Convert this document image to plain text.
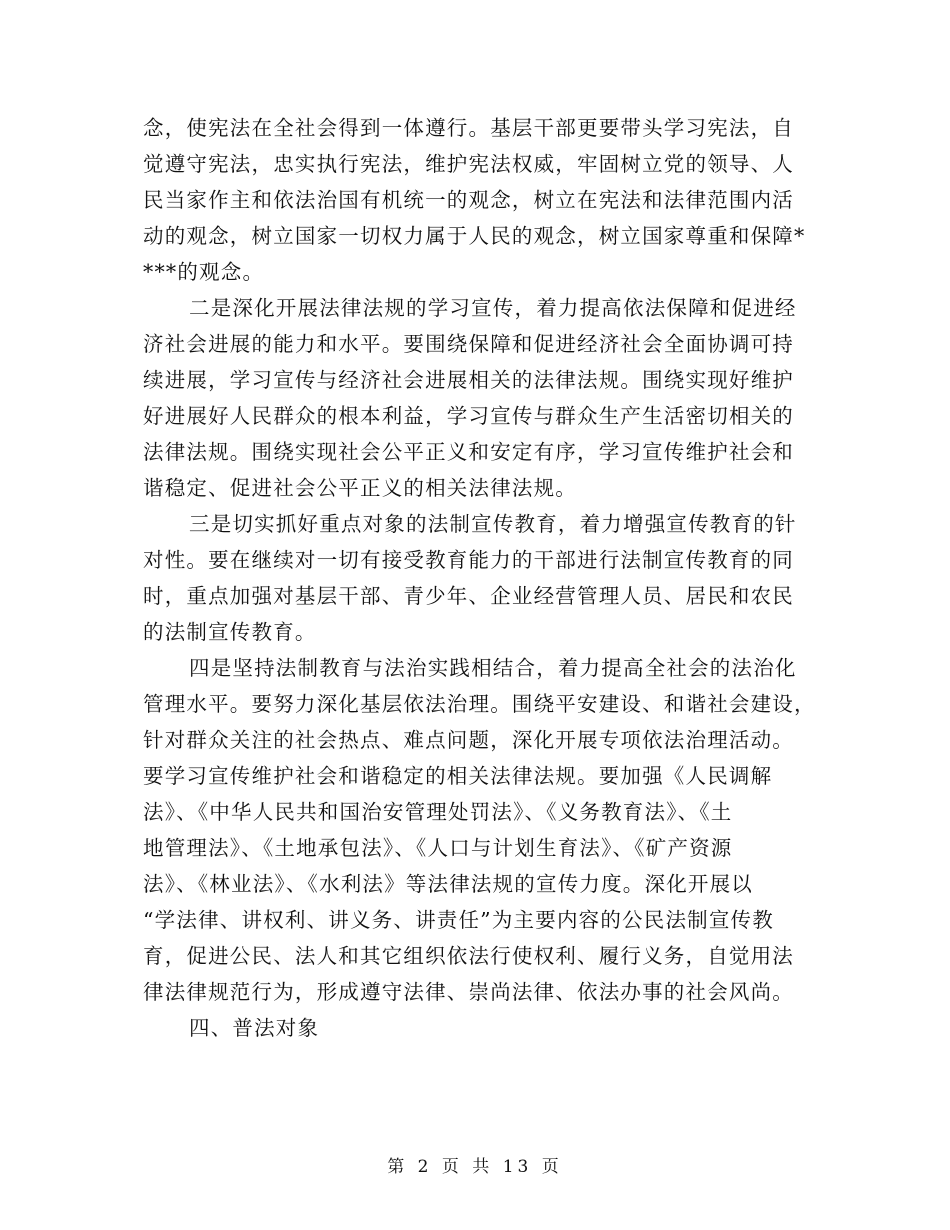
念，使宪法在全社会得到一体遵行。基层干部更要带头学习宪法，自
觉遵守宪法，忠实执行宪法，维护宪法权威，牢固树立党的领导、人
民当家作主和依法治国有机统一的观念，树立在宪法和法律范围内活
动的观念，树立国家一切权力属于人民的观念，树立国家尊重和保障*
***的观念。
二是深化开展法律法规的学习宣传，着力提高依法保障和促进经
济社会进展的能力和水平。要围绕保障和促进经济社会全面协调可持
续进展，学习宣传与经济社会进展相关的法律法规。围绕实现好维护
好进展好人民群众的根本利益，学习宣传与群众生产生活密切相关的
法律法规。围绕实现社会公平正义和安定有序，学习宣传维护社会和
谐稳定、促进社会公平正义的相关法律法规。
三是切实抓好重点对象的法制宣传教育，着力增强宣传教育的针
对性。要在继续对一切有接受教育能力的干部进行法制宣传教育的同
时，重点加强对基层干部、青少年、企业经营管理人员、居民和农民
的法制宣传教育。
四是坚持法制教育与法治实践相结合，着力提高全社会的法治化
管理水平。要努力深化基层依法治理。围绕平安建设、和谐社会建设，
针对群众关注的社会热点、难点问题，深化开展专项依法治理活动。
要学习宣传维护社会和谐稳定的相关法律法规。要加强《人民调解
法》、《中华人民共和国治安管理处罚法》、《义务教育法》、《土
地管理法》、《土地承包法》、《人口与计划生育法》、《矿产资源
法》、《林业法》、《水利法》等法律法规的宣传力度。深化开展以
“学法律、讲权利、讲义务、讲责任”为主要内容的公民法制宣传教
育，促进公民、法人和其它组织依法行使权利、履行义务，自觉用法
律法律规范行为，形成遵守法律、崇尚法律、依法办事的社会风尚。
四、普法对象
第 2 页 共 13 页
